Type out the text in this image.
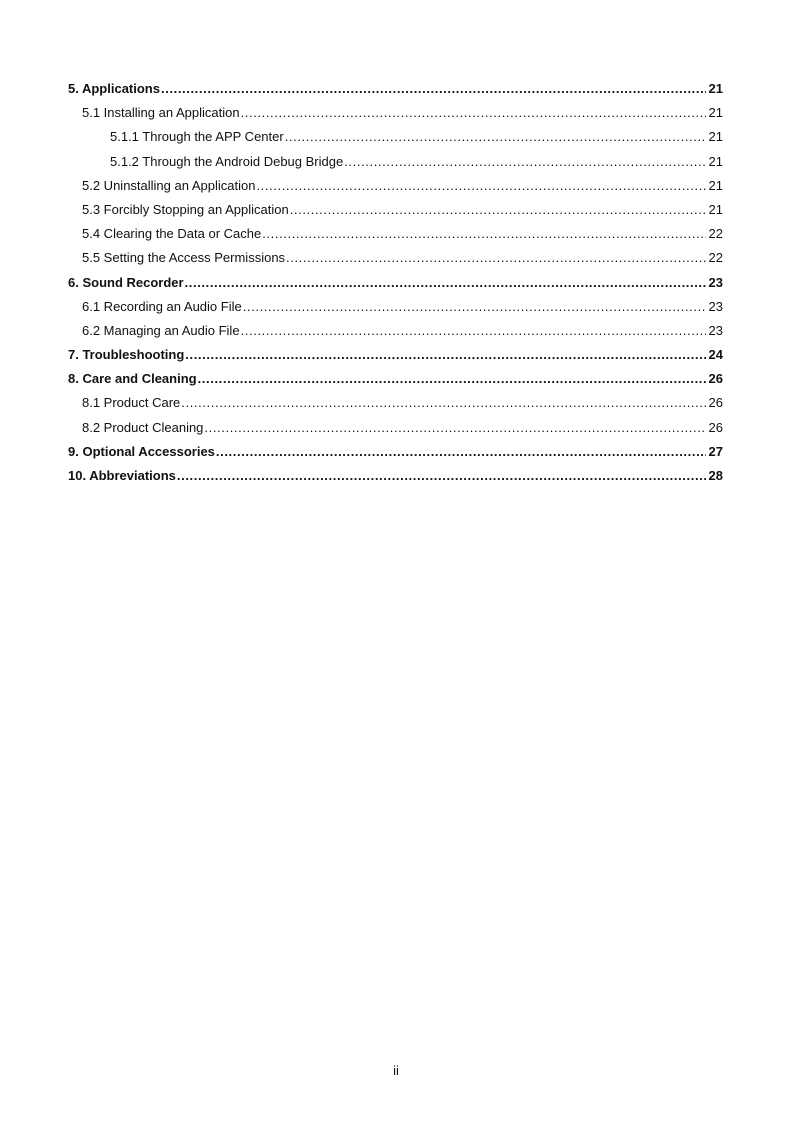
5. Applications .....	21
5.1 Installing an Application .....	21
5.1.1 Through the APP Center .....	21
5.1.2 Through the Android Debug Bridge .....	21
5.2 Uninstalling an Application .....	21
5.3 Forcibly Stopping an Application .....	21
5.4 Clearing the Data or Cache .....	22
5.5 Setting the Access Permissions .....	22
6. Sound Recorder .....	23
6.1 Recording an Audio File .....	23
6.2 Managing an Audio File .....	23
7. Troubleshooting .....	24
8. Care and Cleaning .....	26
8.1 Product Care .....	26
8.2 Product Cleaning .....	26
9. Optional Accessories .....	27
10. Abbreviations .....	28
ii
